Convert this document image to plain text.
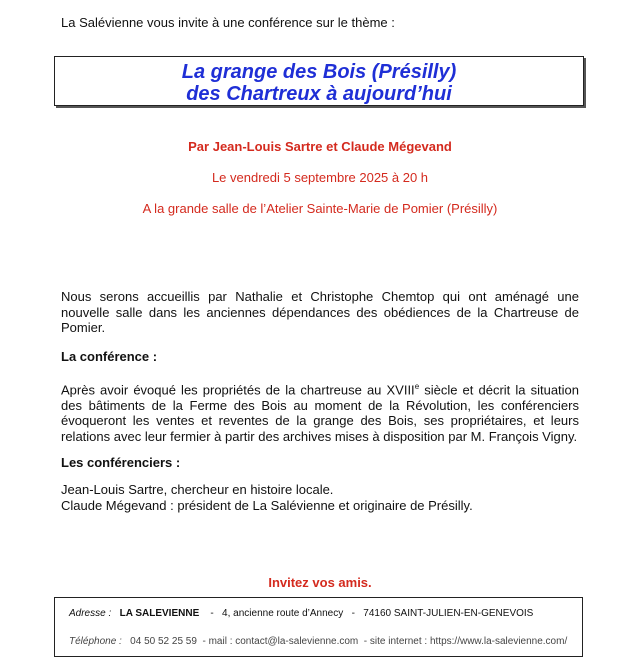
La Salévienne vous invite à une conférence sur le thème :
La grange des Bois (Présilly)
des Chartreux à aujourd’hui
Par Jean-Louis Sartre et Claude Mégevand
Le vendredi 5 septembre 2025 à 20 h
A la grande salle de l’Atelier Sainte-Marie de Pomier (Présilly)

Nous serons accueillis par Nathalie et Christophe Chemtop qui ont aménagé une nouvelle salle dans les anciennes dépendances des obédiences de la Chartreuse de Pomier.

La conférence :

Après avoir évoqué les propriétés de la chartreuse au XVIIIe siècle et décrit la situation des bâtiments de la Ferme des Bois au moment de la Révolution, les conférenciers évoqueront les ventes et reventes de la grange des Bois, ses propriétaires, et leurs relations avec leur fermier à partir des archives mises à disposition par M. François Vigny.

Les conférenciers :
Jean-Louis Sartre, chercheur en histoire locale.
Claude Mégevand : président de La Salévienne et originaire de Présilly.
Invitez vos amis.
Adresse : LA SALEVIENNE - 4, ancienne route d’Annecy - 74160 SAINT-JULIEN-EN-GENEVOIS
Téléphone : 04 50 52 25 59  - mail : contact@la-salevienne.com  - site internet : https://www.la-salevienne.com/
